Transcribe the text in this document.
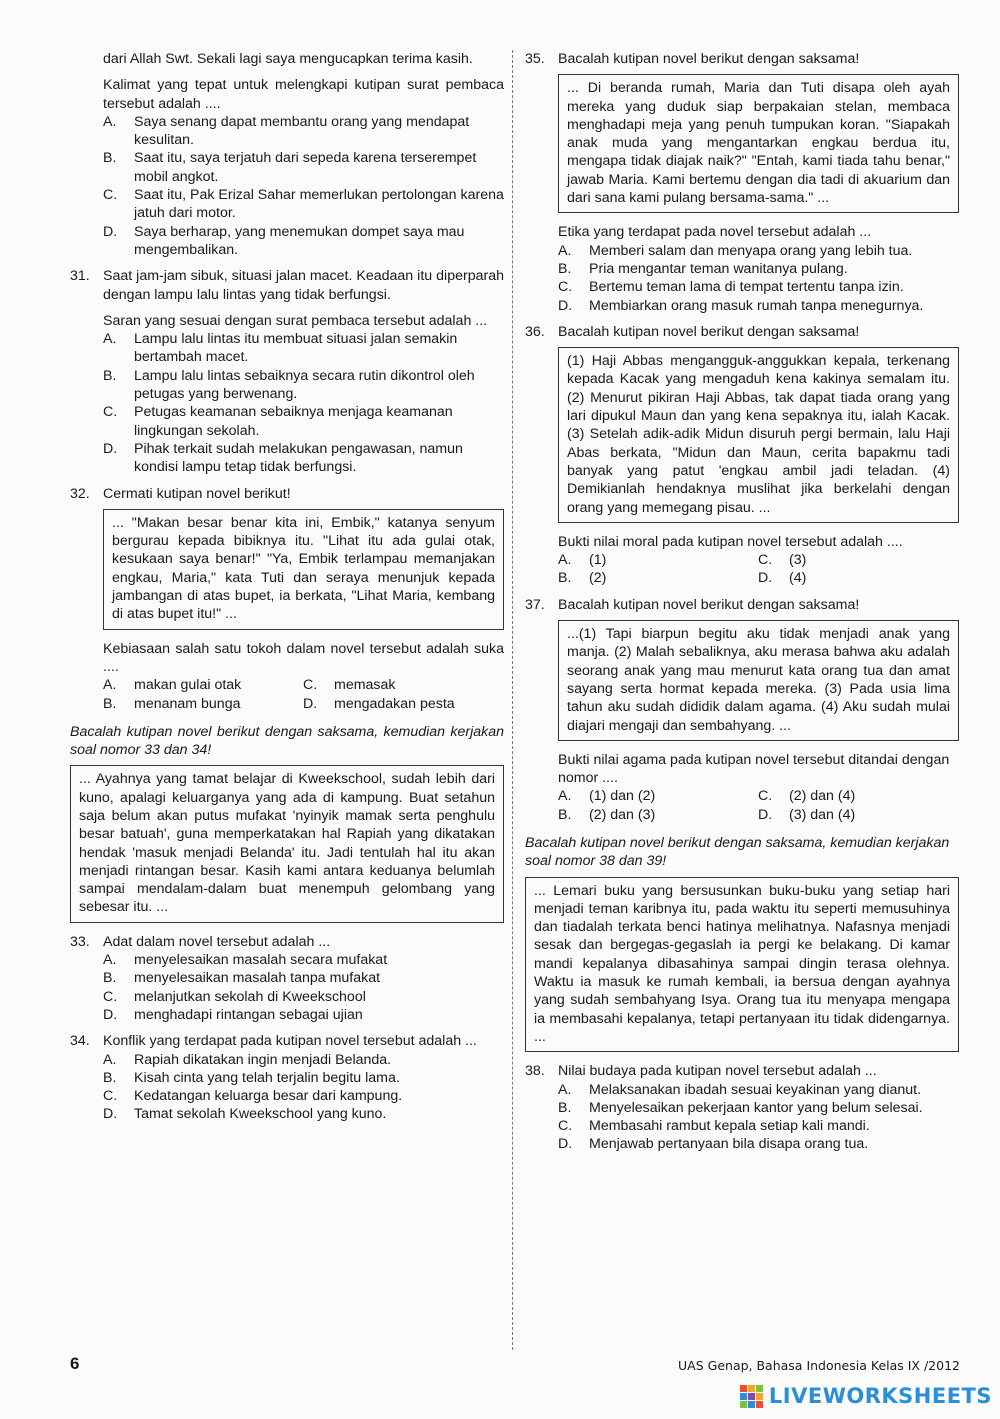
dari Allah Swt. Sekali lagi saya mengucapkan terima kasih.

Kalimat yang tepat untuk melengkapi kutipan surat pembaca tersebut adalah ....

A. Saya senang dapat membantu orang yang mendapat kesulitan.
B. Saat itu, saya terjatuh dari sepeda karena terserempet mobil angkot.
C. Saat itu, Pak Erizal Sahar memerlukan pertolongan karena jatuh dari motor.
D. Saya berharap, yang menemukan dompet saya mau mengembalikan.
31. Saat jam-jam sibuk, situasi jalan macet. Keadaan itu diperparah dengan lampu lalu lintas yang tidak berfungsi.

Saran yang sesuai dengan surat pembaca tersebut adalah ...

A. Lampu lalu lintas itu membuat situasi jalan semakin bertambah macet.
B. Lampu lalu lintas sebaiknya secara rutin dikontrol oleh petugas yang berwenang.
C. Petugas keamanan sebaiknya menjaga keamanan lingkungan sekolah.
D. Pihak terkait sudah melakukan pengawasan, namun kondisi lampu tetap tidak berfungsi.
32. Cermati kutipan novel berikut!

... "Makan besar benar kita ini, Embik," katanya senyum bergurau kepada bibiknya itu. "Lihat itu ada gulai otak, kesukaan saya benar!" "Ya, Embik terlampau memanjakan engkau, Maria," kata Tuti dan seraya menunjuk kepada jambangan di atas bupet, ia berkata, "Lihat Maria, kembang di atas bupet itu!" ...

Kebiasaan salah satu tokoh dalam novel tersebut adalah suka ....

A. makan gulai otak	C. memasak
B. menanam bunga	D. mengadakan pesta

Bacalah kutipan novel berikut dengan saksama, kemudian kerjakan soal nomor 33 dan 34!

... Ayahnya yang tamat belajar di Kweekschool, sudah lebih dari kuno, apalagi keluarganya yang ada di kampung. Buat setahun saja belum akan putus mufakat 'nyinyik mamak serta penghulu besar batuah', guna memperkatakan hal Rapiah yang dikatakan hendak 'masuk menjadi Belanda' itu. Jadi tentulah hal itu akan menjadi rintangan besar. Kasih kami antara keduanya belumlah sampai mendalam-dalam buat menempuh gelombang yang sebesar itu. ...
33. Adat dalam novel tersebut adalah ...

A. menyelesaikan masalah secara mufakat
B. menyelesaikan masalah tanpa mufakat
C. melanjutkan sekolah di Kweekschool
D. menghadapi rintangan sebagai ujian
34. Konflik yang terdapat pada kutipan novel tersebut adalah ...

A. Rapiah dikatakan ingin menjadi Belanda.
B. Kisah cinta yang telah terjalin begitu lama.
C. Kedatangan keluarga besar dari kampung.
D. Tamat sekolah Kweekschool yang kuno.
35. Bacalah kutipan novel berikut dengan saksama!

... Di beranda rumah, Maria dan Tuti disapa oleh ayah mereka yang duduk siap berpakaian stelan, membaca menghadapi meja yang penuh tumpukan koran. "Siapakah anak muda yang mengantarkan engkau berdua itu, mengapa tidak diajak naik?" "Entah, kami tiada tahu benar," jawab Maria. Kami bertemu dengan dia tadi di akuarium dan dari sana kami pulang bersama-sama." ...

Etika yang terdapat pada novel tersebut adalah ...

A. Memberi salam dan menyapa orang yang lebih tua.
B. Pria mengantar teman wanitanya pulang.
C. Bertemu teman lama di tempat tertentu tanpa izin.
D. Membiarkan orang masuk rumah tanpa menegurnya.
36. Bacalah kutipan novel berikut dengan saksama!

(1) Haji Abbas mengangguk-anggukkan kepala, terkenang kepada Kacak yang mengaduh kena kakinya semalam itu. (2) Menurut pikiran Haji Abbas, tak dapat tiada orang yang lari dipukul Maun dan yang kena sepaknya itu, ialah Kacak. (3) Setelah adik-adik Midun disuruh pergi bermain, lalu Haji Abas berkata, "Midun dan Maun, cerita bapakmu tadi banyak yang patut 'engkau ambil jadi teladan. (4) Demikianlah hendaknya muslihat jika berkelahi dengan orang yang memegang pisau. ...

Bukti nilai moral pada kutipan novel tersebut adalah ....

A. (1)	C. (3)
B. (2)	D. (4)
37. Bacalah kutipan novel berikut dengan saksama!

...(1) Tapi biarpun begitu aku tidak menjadi anak yang manja. (2) Malah sebaliknya, aku merasa bahwa aku adalah seorang anak yang mau menurut kata orang tua dan amat sayang serta hormat kepada mereka. (3) Pada usia lima tahun aku sudah dididik dalam agama. (4) Aku sudah mulai diajari mengaji dan sembahyang. ...

Bukti nilai agama pada kutipan novel tersebut ditandai dengan nomor ....

A. (1) dan (2)	C. (2) dan (4)
B. (2) dan (3)	D. (3) dan (4)

Bacalah kutipan novel berikut dengan saksama, kemudian kerjakan soal nomor 38 dan 39!

... Lemari buku yang bersusunkan buku-buku yang setiap hari menjadi teman karibnya itu, pada waktu itu seperti memusuhinya dan tiadalah terkata benci hatinya melihatnya. Nafasnya menjadi sesak dan bergegas-gegaslah ia pergi ke belakang. Di kamar mandi kepalanya dibasahinya sampai dingin terasa olehnya. Waktu ia masuk ke rumah kembali, ia bersua dengan ayahnya yang sudah sembahyang Isya. Orang tua itu menyapa mengapa ia membasahi kepalanya, tetapi pertanyaan itu tidak didengarnya. ...
38. Nilai budaya pada kutipan novel tersebut adalah ...

A. Melaksanakan ibadah sesuai keyakinan yang dianut.
B. Menyelesaikan pekerjaan kantor yang belum selesai.
C. Membasahi rambut kepala setiap kali mandi.
D. Menjawab pertanyaan bila disapa orang tua.
6	UAS Genap, Bahasa Indonesia Kelas IX /2012
LIVEWORKSHEETS
